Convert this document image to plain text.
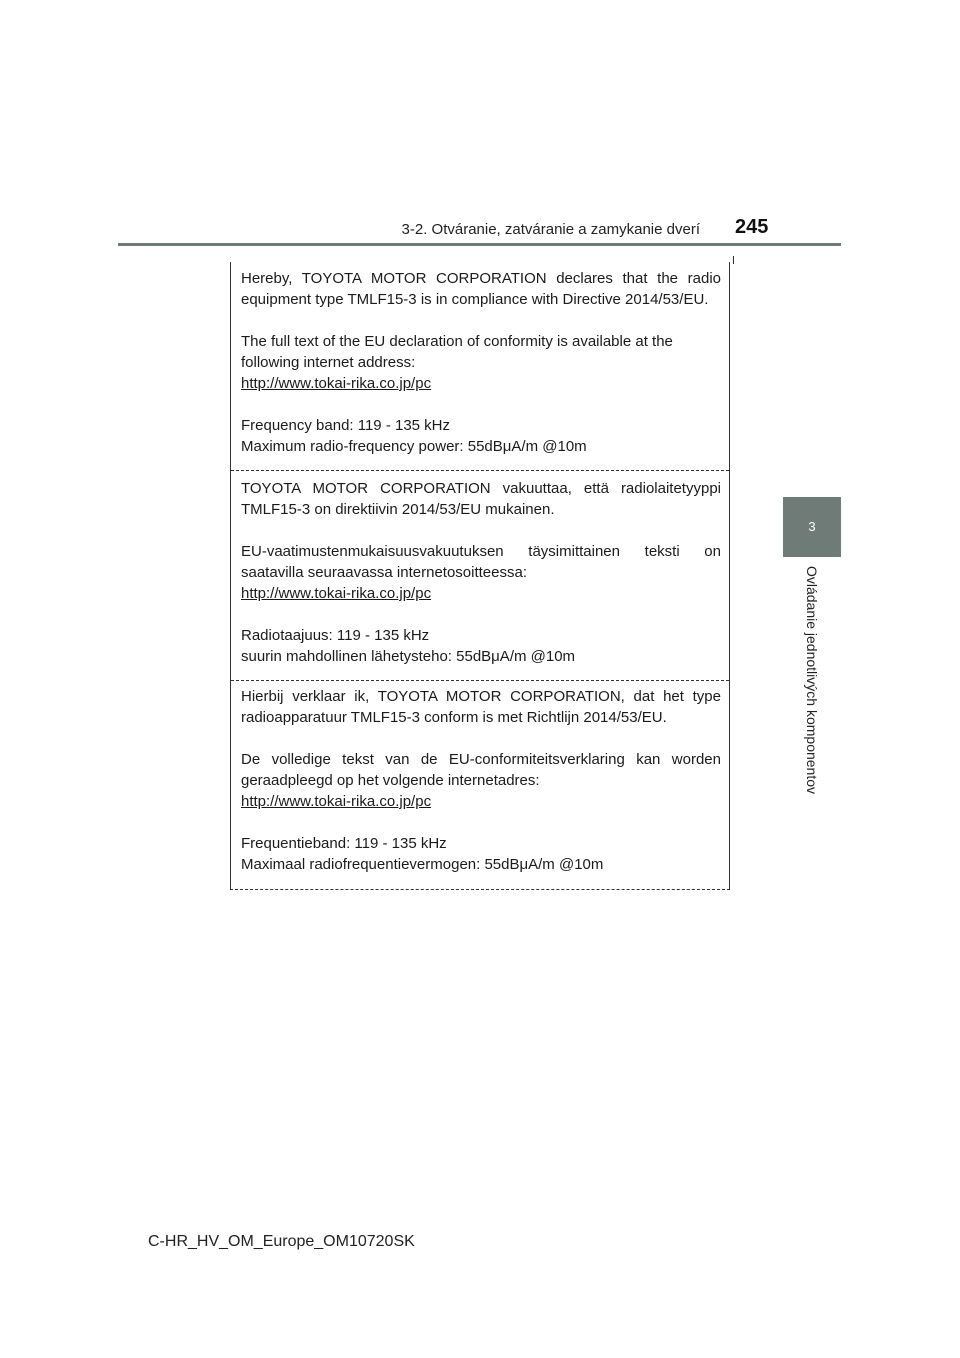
3-2. Otváranie, zatváranie a zamykanie dverí 245
3
Ovládanie jednotlivých komponentov

Hereby, TOYOTA MOTOR CORPORATION declares that the radio

equipment type TMLF15-3 is in compliance with Directive 2014/53/EU.

The full text of the EU declaration of conformity is available at the

following internet address:

http://www.tokai-rika.co.jp/pc

Frequency band: 119 - 135 kHz

Maximum radio-frequency power: 55dBμA/m @10m

TOYOTA MOTOR CORPORATION vakuuttaa, että radiolaitetyyppi

TMLF15-3 on direktiivin 2014/53/EU mukainen.

EU-vaatimustenmukaisuusvakuutuksen täysimittainen teksti on

saatavilla seuraavassa internetosoitteessa:

http://www.tokai-rika.co.jp/pc

Radiotaajuus: 119 - 135 kHz

suurin mahdollinen lähetysteho: 55dBμA/m @10m

Hierbij verklaar ik, TOYOTA MOTOR CORPORATION, dat het type

radioapparatuur TMLF15-3 conform is met Richtlijn 2014/53/EU.

De volledige tekst van de EU-conformiteitsverklaring kan worden

geraadpleegd op het volgende internetadres:

http://www.tokai-rika.co.jp/pc

Frequentieband: 119 - 135 kHz

Maximaal radiofrequentievermogen: 55dBμA/m @10m

C-HR_HV_OM_Europe_OM10720SK
